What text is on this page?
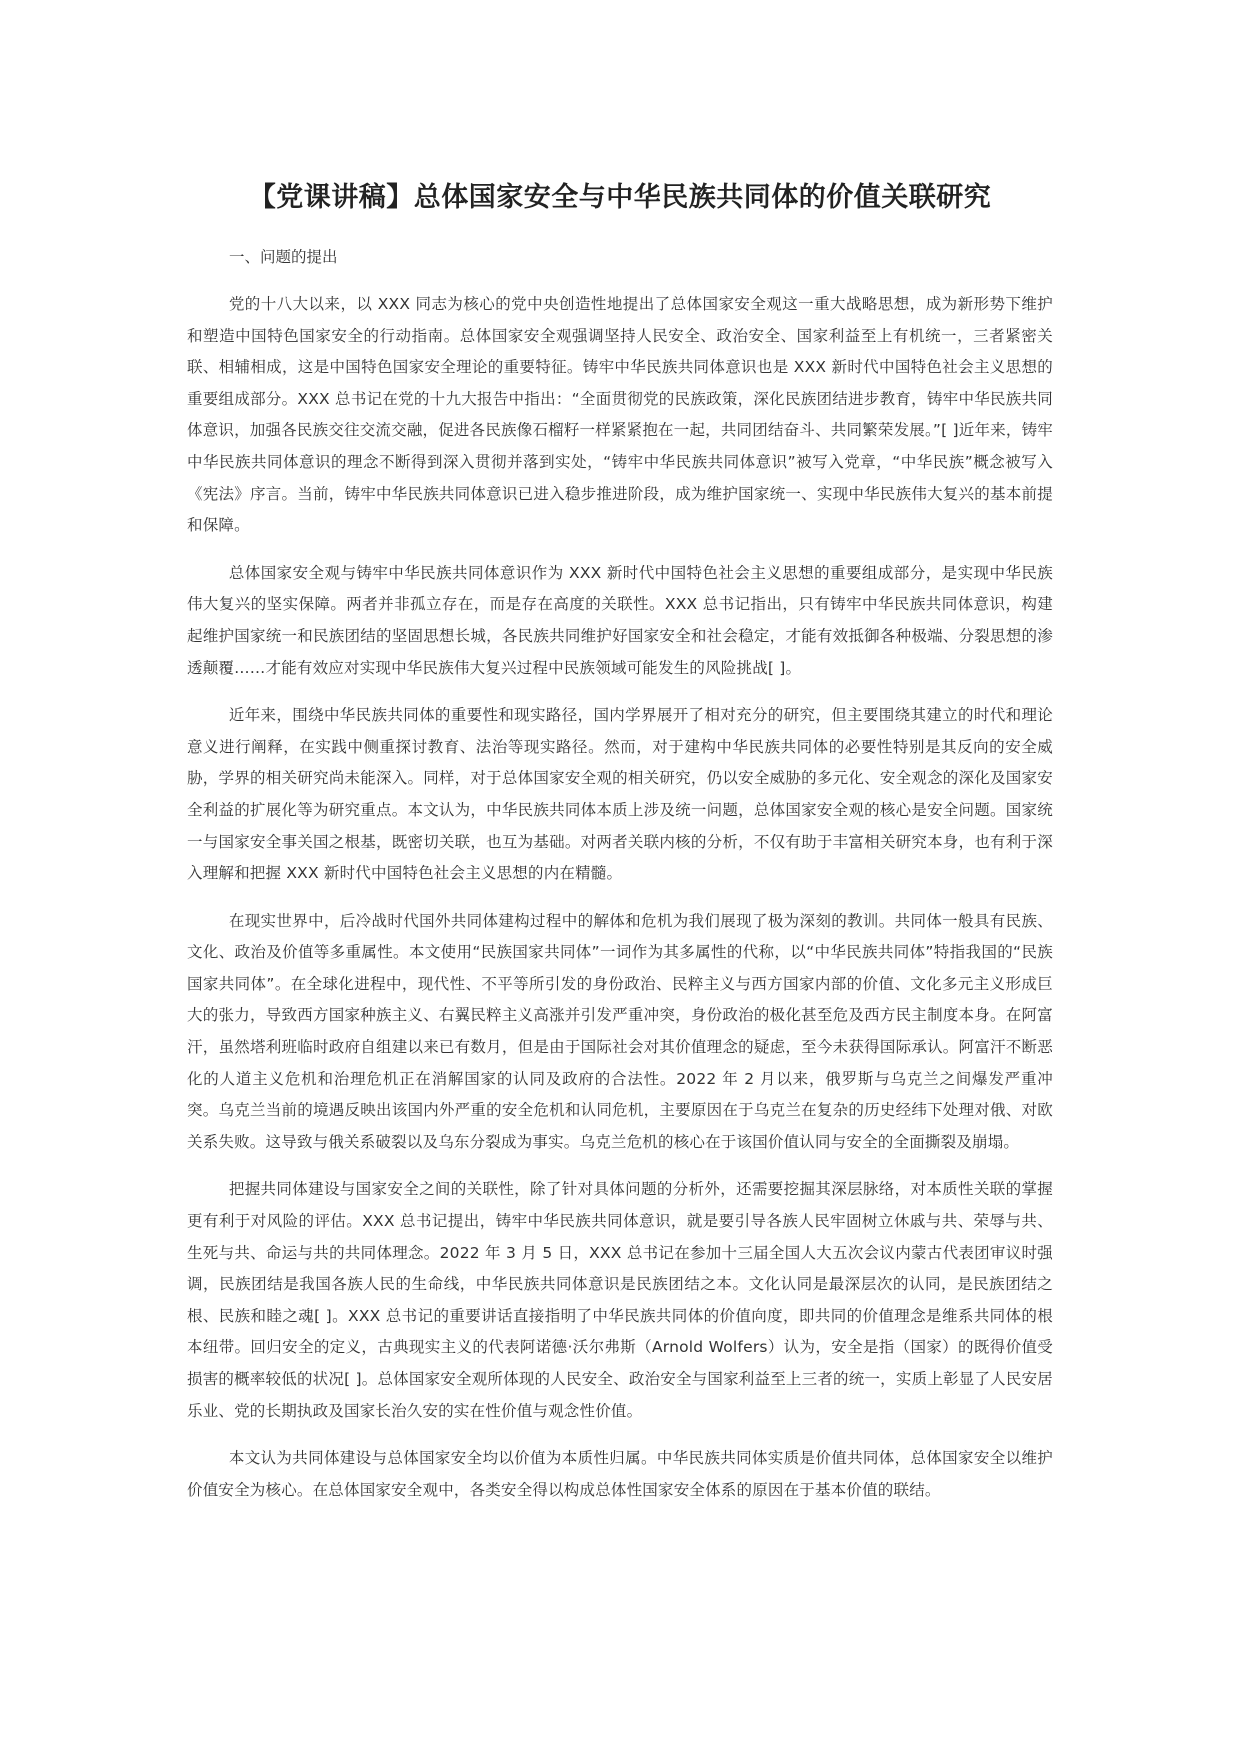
【党课讲稿】总体国家安全与中华民族共同体的价值关联研究

一、问题的提出

党的十八大以来，以 XXX 同志为核心的党中央创造性地提出了总体国家安全观这一重大战略思想，成为新形势下维护和塑造中国特色国家安全的行动指南。总体国家安全观强调坚持人民安全、政治安全、国家利益至上有机统一，三者紧密关联、相辅相成，这是中国特色国家安全理论的重要特征。铸牢中华民族共同体意识也是 XXX 新时代中国特色社会主义思想的重要组成部分。XXX 总书记在党的十九大报告中指出：“全面贯彻党的民族政策，深化民族团结进步教育，铸牢中华民族共同体意识，加强各民族交往交流交融，促进各民族像石榴籽一样紧紧抱在一起，共同团结奋斗、共同繁荣发展。”[ ]近年来，铸牢中华民族共同体意识的理念不断得到深入贯彻并落到实处，“铸牢中华民族共同体意识”被写入党章，“中华民族”概念被写入《宪法》序言。当前，铸牢中华民族共同体意识已进入稳步推进阶段，成为维护国家统一、实现中华民族伟大复兴的基本前提和保障。

总体国家安全观与铸牢中华民族共同体意识作为 XXX 新时代中国特色社会主义思想的重要组成部分，是实现中华民族伟大复兴的坚实保障。两者并非孤立存在，而是存在高度的关联性。XXX 总书记指出，只有铸牢中华民族共同体意识，构建起维护国家统一和民族团结的坚固思想长城，各民族共同维护好国家安全和社会稳定，才能有效抵御各种极端、分裂思想的渗透颠覆……才能有效应对实现中华民族伟大复兴过程中民族领域可能发生的风险挑战[ ]。

近年来，围绕中华民族共同体的重要性和现实路径，国内学界展开了相对充分的研究，但主要围绕其建立的时代和理论意义进行阐释，在实践中侧重探讨教育、法治等现实路径。然而，对于建构中华民族共同体的必要性特别是其反向的安全威胁，学界的相关研究尚未能深入。同样，对于总体国家安全观的相关研究，仍以安全威胁的多元化、安全观念的深化及国家安全利益的扩展化等为研究重点。本文认为，中华民族共同体本质上涉及统一问题，总体国家安全观的核心是安全问题。国家统一与国家安全事关国之根基，既密切关联，也互为基础。对两者关联内核的分析，不仅有助于丰富相关研究本身，也有利于深入理解和把握 XXX 新时代中国特色社会主义思想的内在精髓。

在现实世界中，后冷战时代国外共同体建构过程中的解体和危机为我们展现了极为深刻的教训。共同体一般具有民族、文化、政治及价值等多重属性。本文使用“民族国家共同体”一词作为其多属性的代称，以“中华民族共同体”特指我国的“民族国家共同体”。在全球化进程中，现代性、不平等所引发的身份政治、民粹主义与西方国家内部的价值、文化多元主义形成巨大的张力，导致西方国家种族主义、右翼民粹主义高涨并引发严重冲突，身份政治的极化甚至危及西方民主制度本身。在阿富汗，虽然塔利班临时政府自组建以来已有数月，但是由于国际社会对其价值理念的疑虑，至今未获得国际承认。阿富汗不断恶化的人道主义危机和治理危机正在消解国家的认同及政府的合法性。2022 年 2 月以来，俄罗斯与乌克兰之间爆发严重冲突。乌克兰当前的境遇反映出该国内外严重的安全危机和认同危机，主要原因在于乌克兰在复杂的历史经纬下处理对俄、对欧关系失败。这导致与俄关系破裂以及乌东分裂成为事实。乌克兰危机的核心在于该国价值认同与安全的全面撕裂及崩塌。

把握共同体建设与国家安全之间的关联性，除了针对具体问题的分析外，还需要挖掘其深层脉络，对本质性关联的掌握更有利于对风险的评估。XXX 总书记提出，铸牢中华民族共同体意识，就是要引导各族人民牢固树立休戚与共、荣辱与共、生死与共、命运与共的共同体理念。2022 年 3 月 5 日，XXX 总书记在参加十三届全国人大五次会议内蒙古代表团审议时强调，民族团结是我国各族人民的生命线，中华民族共同体意识是民族团结之本。文化认同是最深层次的认同，是民族团结之根、民族和睦之魂[ ]。XXX 总书记的重要讲话直接指明了中华民族共同体的价值向度，即共同的价值理念是维系共同体的根本纽带。回归安全的定义，古典现实主义的代表阿诺德·沃尔弗斯（Arnold Wolfers）认为，安全是指（国家）的既得价值受损害的概率较低的状况[ ]。总体国家安全观所体现的人民安全、政治安全与国家利益至上三者的统一，实质上彰显了人民安居乐业、党的长期执政及国家长治久安的实在性价值与观念性价值。

本文认为共同体建设与总体国家安全均以价值为本质性归属。中华民族共同体实质是价值共同体，总体国家安全以维护价值安全为核心。在总体国家安全观中，各类安全得以构成总体性国家安全体系的原因在于基本价值的联结。
